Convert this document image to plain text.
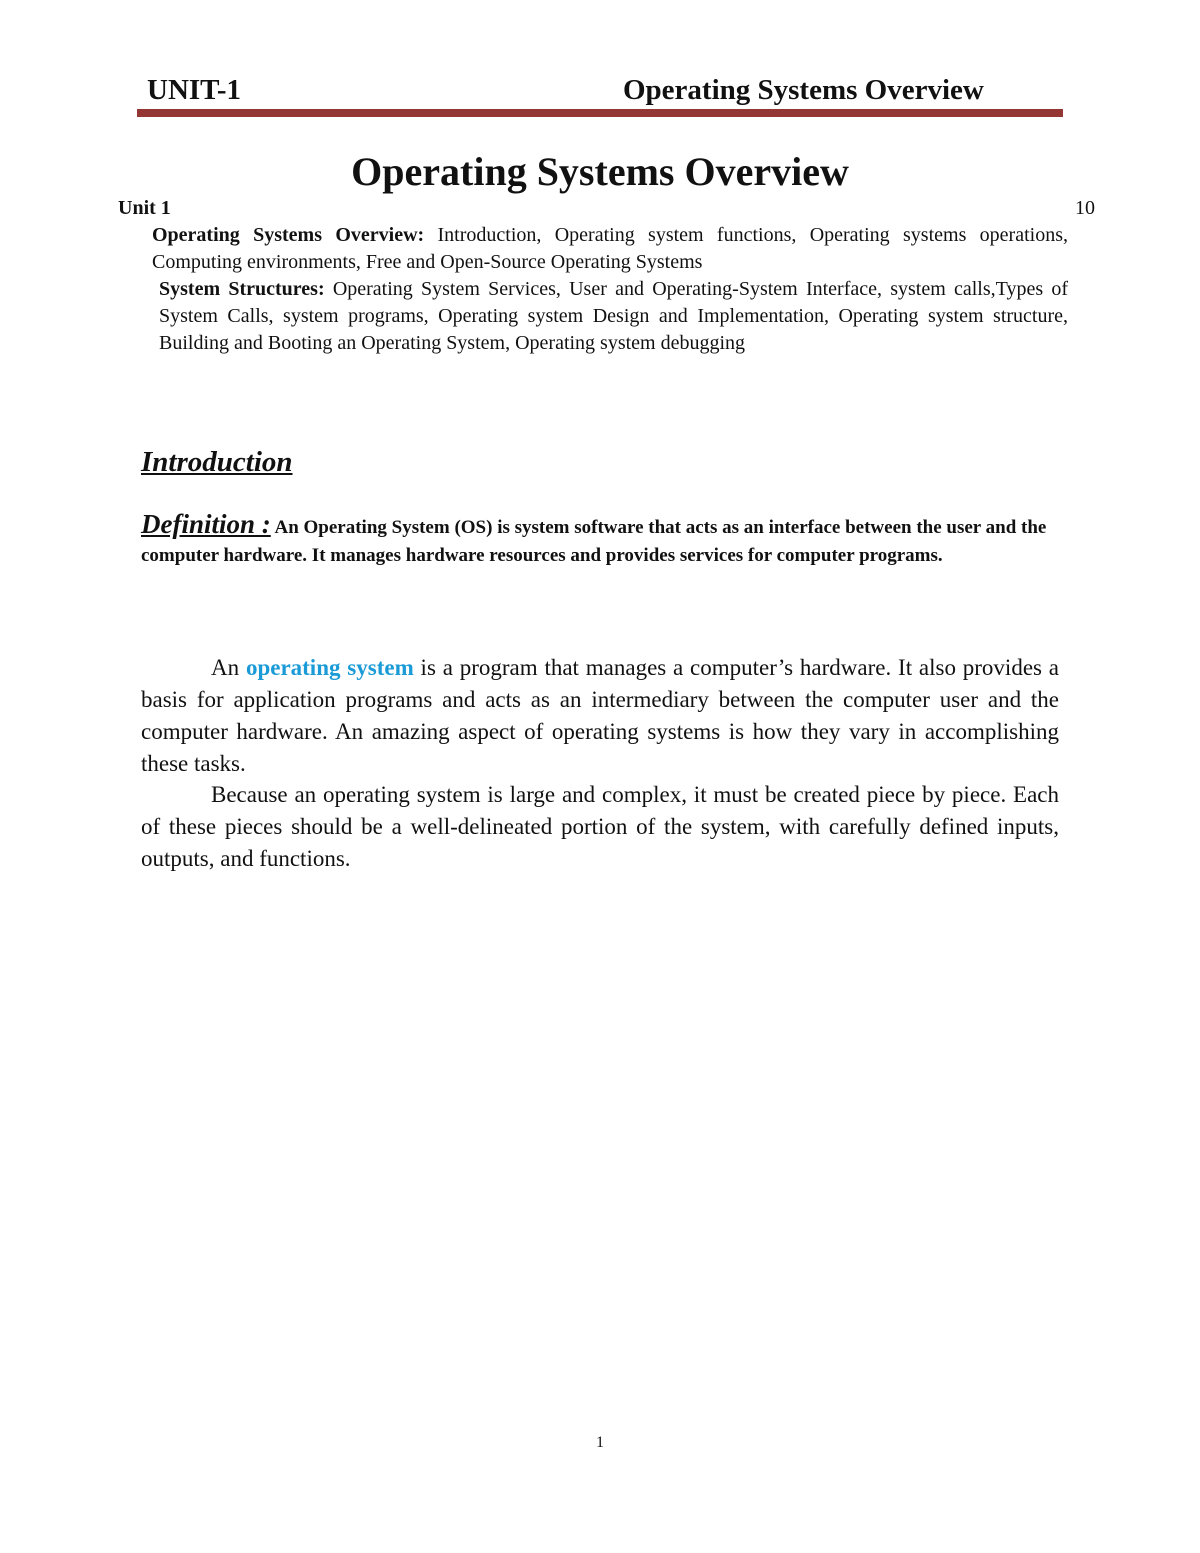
UNIT-1	Operating Systems Overview
Operating Systems Overview
Unit 1	10
Operating Systems Overview: Introduction, Operating system functions, Operating systems operations, Computing environments, Free and Open-Source Operating Systems
System Structures: Operating System Services, User and Operating-System Interface, system calls,Types of System Calls, system programs, Operating system Design and Implementation, Operating system structure, Building and Booting an Operating System, Operating system debugging
Introduction
Definition : An Operating System (OS) is system software that acts as an interface between the user and the computer hardware. It manages hardware resources and provides services for computer programs.
An operating system is a program that manages a computer’s hardware. It also provides a basis for application programs and acts as an intermediary between the computer user and the computer hardware. An amazing aspect of operating systems is how they vary in accomplishing these tasks.
Because an operating system is large and complex, it must be created piece by piece. Each of these pieces should be a well-delineated portion of the system, with carefully defined inputs, outputs, and functions.
1
